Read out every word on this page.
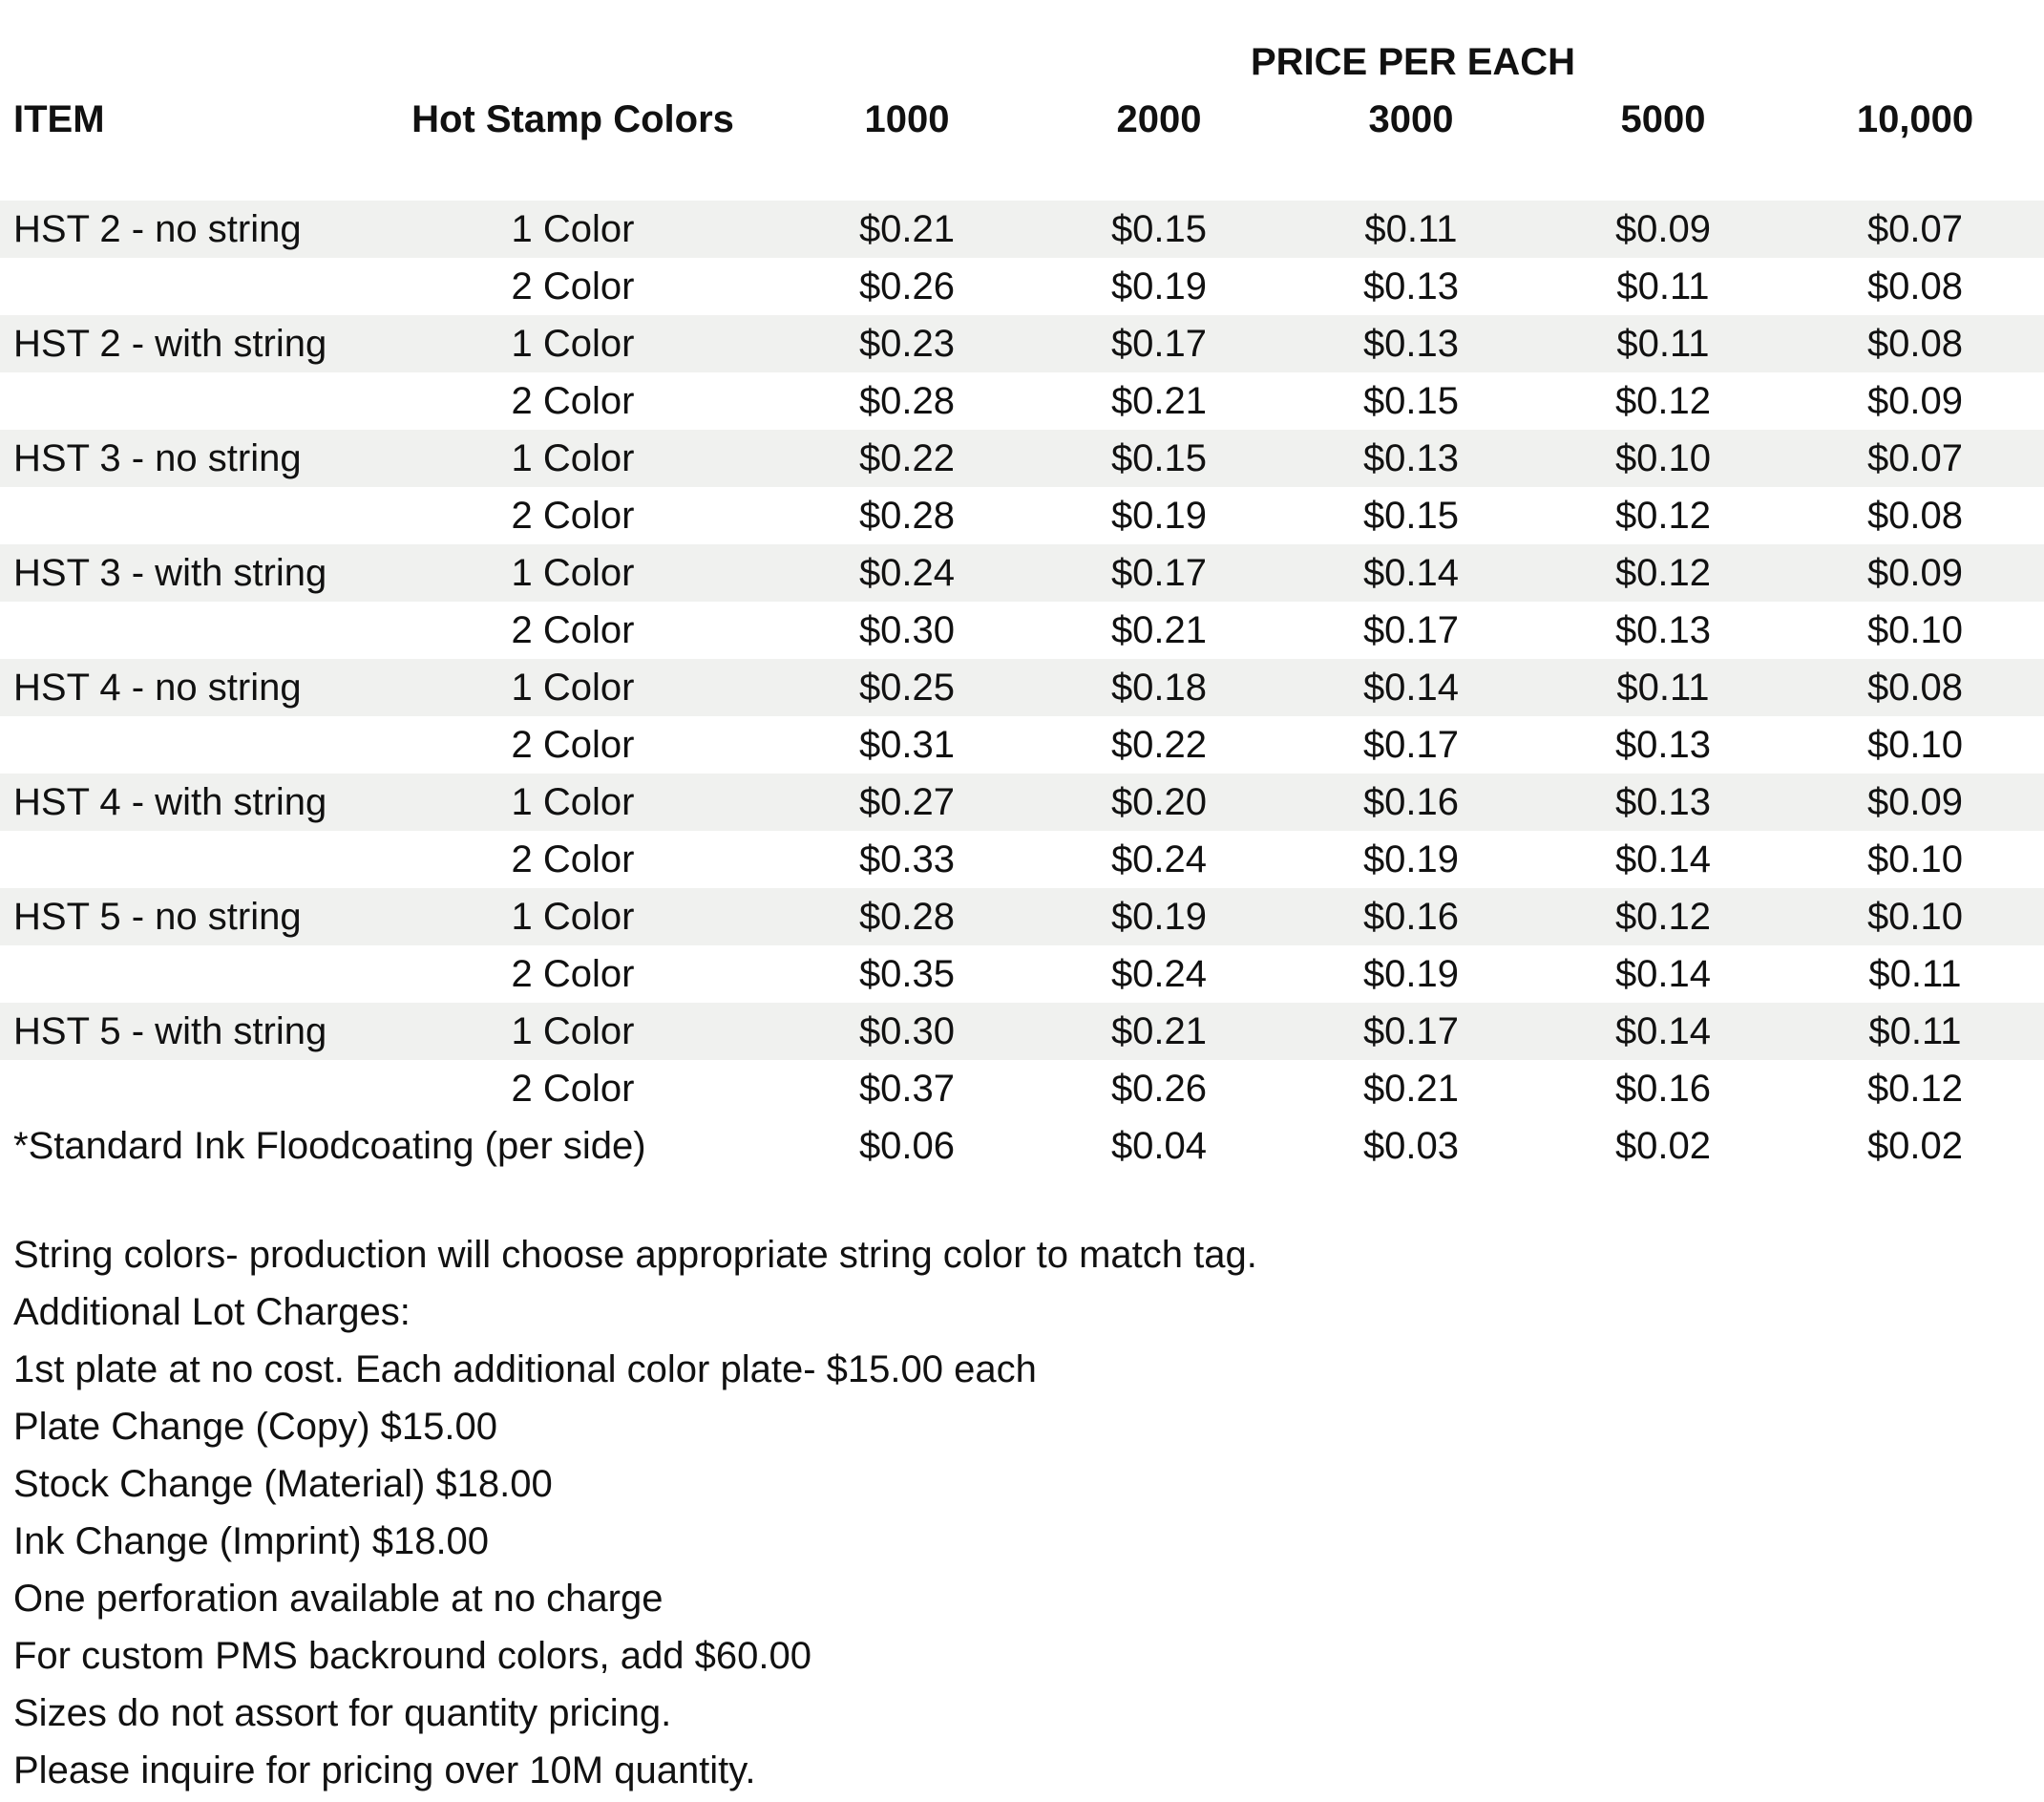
PRICE PER EACH
ITEM	Hot Stamp Colors	1000	2000	3000	5000	10,000
HST 2 - no string	1 Color	$0.21	$0.15	$0.11	$0.09	$0.07
2 Color	$0.26	$0.19	$0.13	$0.11	$0.08
HST 2 - with string	1 Color	$0.23	$0.17	$0.13	$0.11	$0.08
2 Color	$0.28	$0.21	$0.15	$0.12	$0.09
HST 3 - no string	1 Color	$0.22	$0.15	$0.13	$0.10	$0.07
2 Color	$0.28	$0.19	$0.15	$0.12	$0.08
HST 3 - with string	1 Color	$0.24	$0.17	$0.14	$0.12	$0.09
2 Color	$0.30	$0.21	$0.17	$0.13	$0.10
HST 4 - no string	1 Color	$0.25	$0.18	$0.14	$0.11	$0.08
2 Color	$0.31	$0.22	$0.17	$0.13	$0.10
HST 4 - with string	1 Color	$0.27	$0.20	$0.16	$0.13	$0.09
2 Color	$0.33	$0.24	$0.19	$0.14	$0.10
HST 5 - no string	1 Color	$0.28	$0.19	$0.16	$0.12	$0.10
2 Color	$0.35	$0.24	$0.19	$0.14	$0.11
HST 5 - with string	1 Color	$0.30	$0.21	$0.17	$0.14	$0.11
2 Color	$0.37	$0.26	$0.21	$0.16	$0.12
*Standard Ink Floodcoating (per side)	$0.06	$0.04	$0.03	$0.02	$0.02
String colors- production will choose appropriate string color to match tag.
Additional Lot Charges:
1st plate at no cost. Each additional color plate- $15.00 each
Plate Change (Copy) $15.00
Stock Change (Material) $18.00
Ink Change (Imprint) $18.00
One perforation available at no charge
For custom PMS backround colors, add $60.00
Sizes do not assort for quantity pricing.
Please inquire for pricing over 10M quantity.
